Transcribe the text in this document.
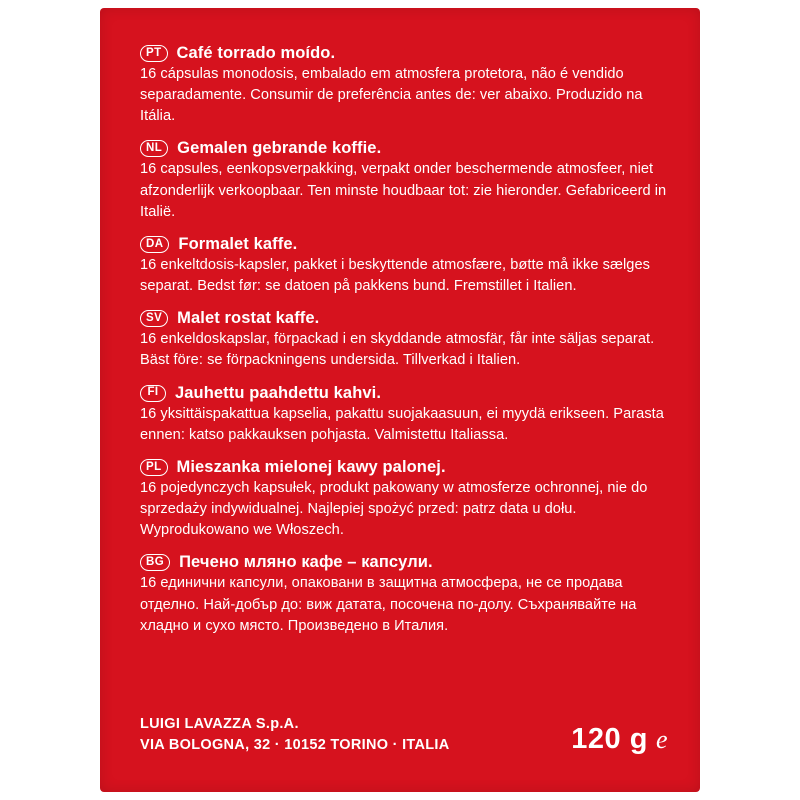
PT Café torrado moído.
16 cápsulas monodosis, embalado em atmosfera protetora, não é vendido separadamente. Consumir de preferência antes de: ver abaixo. Produzido na Itália.
NL Gemalen gebrande koffie.
16 capsules, eenkopsverpakking, verpakt onder beschermende atmosfeer, niet afzonderlijk verkoopbaar. Ten minste houdbaar tot: zie hieronder. Gefabriceerd in Italië.
DA Formalet kaffe.
16 enkeltdosis-kapsler, pakket i beskyttende atmosfære, bøtte må ikke sælges separat. Bedst før: se datoen på pakkens bund. Fremstillet i Italien.
SV Malet rostat kaffe.
16 enkeldoskapslar, förpackad i en skyddande atmosfär, får inte säljas separat. Bäst före: se förpackningens undersida. Tillverkad i Italien.
FI Jauhettu paahdettu kahvi.
16 yksittäispakattua kapselia, pakattu suojakaasuun, ei myydä erikseen. Parasta ennen: katso pakkauksen pohjasta. Valmistettu Italiassa.
PL Mieszanka mielonej kawy palonej.
16 pojedynczych kapsułek, produkt pakowany w atmosferze ochronnej, nie do sprzedaży indywidualnej. Najlepiej spożyć przed: patrz data u dołu. Wyprodukowano we Włoszech.
BG Печено мляно кафе – капсули.
16 единични капсули, опаковани в защитна атмосфера, не се продава отделно. Най-добър до: виж датата, посочена по-долу. Съхранявайте на хладно и сухо място. Произведено в Италия.
LUIGI LAVAZZA S.p.A.
VIA BOLOGNA, 32 · 10152 TORINO · ITALIA	120 g e
